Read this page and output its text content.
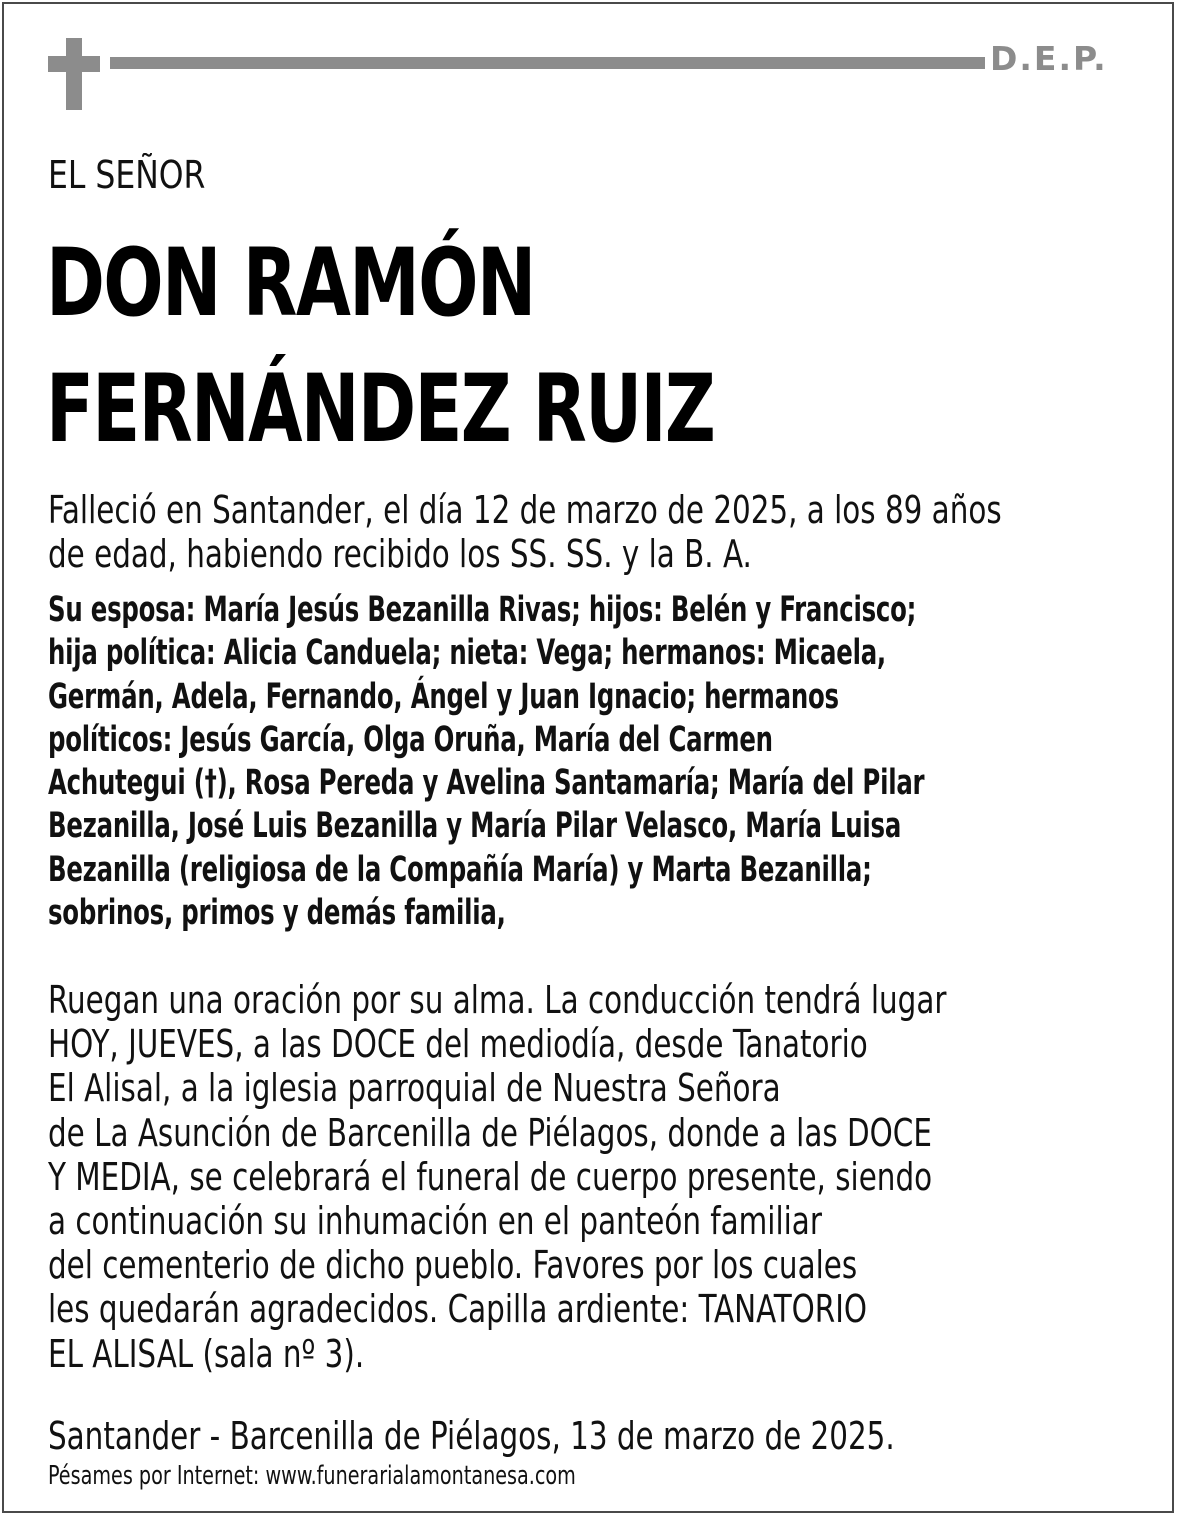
D.E.P.
EL SEÑOR
DON RAMÓN
FERNÁNDEZ RUIZ
Falleció en Santander, el día 12 de marzo de 2025, a los 89 años
de edad, habiendo recibido los SS. SS. y la B. A.
Su esposa: María Jesús Bezanilla Rivas; hijos: Belén y Francisco;
hija política: Alicia Canduela; nieta: Vega; hermanos: Micaela,
Germán, Adela, Fernando, Ángel y Juan Ignacio; hermanos
políticos: Jesús García, Olga Oruña, María del Carmen
Achutegui (†), Rosa Pereda y Avelina Santamaría; María del Pilar
Bezanilla, José Luis Bezanilla y María Pilar Velasco, María Luisa
Bezanilla (religiosa de la Compañía María) y Marta Bezanilla;
sobrinos, primos y demás familia,
Ruegan una oración por su alma. La conducción tendrá lugar
HOY, JUEVES, a las DOCE del mediodía, desde Tanatorio
El Alisal, a la iglesia parroquial de Nuestra Señora
de La Asunción de Barcenilla de Piélagos, donde a las DOCE
Y MEDIA, se celebrará el funeral de cuerpo presente, siendo
a continuación su inhumación en el panteón familiar
del cementerio de dicho pueblo. Favores por los cuales
les quedarán agradecidos. Capilla ardiente: TANATORIO
EL ALISAL (sala nº 3).
Santander - Barcenilla de Piélagos, 13 de marzo de 2025.
Pésames por Internet: www.funerarialamontanesa.com
